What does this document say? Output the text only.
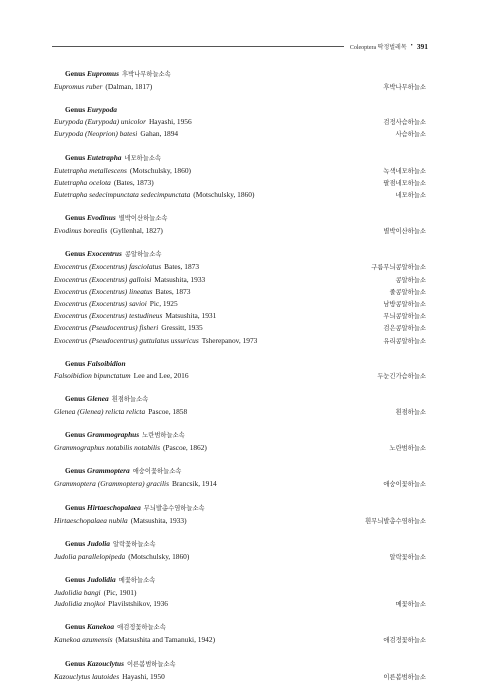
Coleoptera 딱정벌레목 • 391
Genus Eupromus 후박나무하늘소속
Eupromus ruber (Dalman, 1817)	후박나무하늘소
Genus Eurypoda
Eurypoda (Eurypoda) unicolor Hayashi, 1956	검정사슴하늘소
Eurypoda (Neoprion) batesi Gahan, 1894	사슴하늘소
Genus Eutetrapha 네모하늘소속
Eutetrapha metallescens (Motschulsky, 1860)	녹색네모하늘소
Eutetrapha ocelota (Bates, 1873)	팔점네모하늘소
Eutetrapha sedecimpunctata sedecimpunctata (Motschulsky, 1860)	네모하늘소
Genus Evodinus 별박이산하늘소속
Evodinus borealis (Gyllenhal, 1827)	별박이산하늘소
Genus Exocentrus 콩알하늘소속
Exocentrus (Exocentrus) fasciolatus Bates, 1873	구름무늬콩알하늘소
Exocentrus (Exocentrus) galloisi Matsushita, 1933	콩알하늘소
Exocentrus (Exocentrus) lineatus Bates, 1873	줄콩알하늘소
Exocentrus (Exocentrus) savioi Pic, 1925	남방콩알하늘소
Exocentrus (Exocentrus) testudineus Matsushita, 1931	무늬콩알하늘소
Exocentrus (Pseudocentrus) fisheri Gressitt, 1935	검은콩알하늘소
Exocentrus (Pseudocentrus) guttulatus ussuricus Tsherepanov, 1973	유리콩알하늘소
Genus Falsoibidion
Falsoibidion bipunctatum Lee and Lee, 2016	두눈긴가슴하늘소
Genus Glenea 흰점하늘소속
Glenea (Glenea) relicta relicta Pascoe, 1858	흰점하늘소
Genus Grammographus 노란범하늘소속
Grammographus notabilis notabilis (Pascoe, 1862)	노란범하늘소
Genus Grammoptera 애숭이꽃하늘소속
Grammoptera (Grammoptera) gracilis Brancsik, 1914	애숭이꽃하늘소
Genus Hirtaeschopalaea 무늬발총수염하늘소속
Hirtaeschopalaea nubila (Matsushita, 1933)	흰무늬발총수염하늘소
Genus Judolia 알락꽃하늘소속
Judolia parallelopipeda (Motschulsky, 1860)	알락꽃하늘소
Genus Judolidia 메꽃하늘소속
Judolidia bangi (Pic, 1901)
Judolidia znojkoi Plavilstshikov, 1936	메꽃하늘소
Genus Kanekoa 애검정꽃하늘소속
Kanekoa azumensis (Matsushita and Tamanuki, 1942)	애검정꽃하늘소
Genus Kazouclytus 이른봄범하늘소속
Kazouclytus lautoides Hayashi, 1950	이른봄범하늘소
